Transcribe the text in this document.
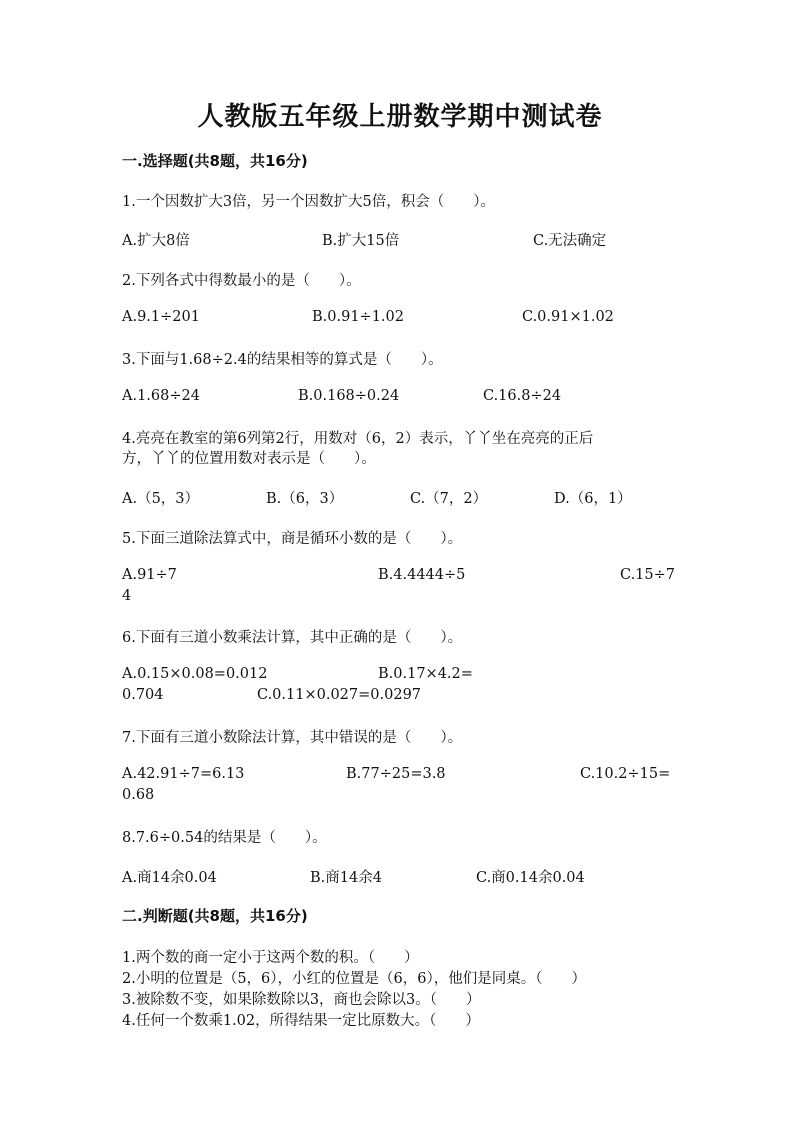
人教版五年级上册数学期中测试卷
一.选择题(共8题，共16分)
1.一个因数扩大3倍，另一个因数扩大5倍，积会（　　）。
A.扩大8倍	B.扩大15倍	C.无法确定
2.下列各式中得数最小的是（　　）。
A.9.1÷201	B.0.91÷1.02	C.0.91×1.02
3.下面与1.68÷2.4的结果相等的算式是（　　）。
A.1.68÷24	B.0.168÷0.24	C.16.8÷24
4.亮亮在教室的第6列第2行，用数对（6，2）表示，丫丫坐在亮亮的正后
方，丫丫的位置用数对表示是（　　）。
A.（5，3）	B.（6，3）	C.（7，2）	D.（6，1）
5.下面三道除法算式中，商是循环小数的是（　　）。
A.91÷7	B.4.4444÷5	C.15÷7
4
6.下面有三道小数乘法计算，其中正确的是（　　）。
A.0.15×0.08=0.012	B.0.17×4.2=
0.704	C.0.11×0.027=0.0297
7.下面有三道小数除法计算，其中错误的是（　　）。
A.42.91÷7=6.13	B.77÷25=3.8	C.10.2÷15=
0.68
8.7.6÷0.54的结果是（　　）。
A.商14余0.04	B.商14余4	C.商0.14余0.04
二.判断题(共8题，共16分)
1.两个数的商一定小于这两个数的积。（　　）
2.小明的位置是（5，6），小红的位置是（6，6），他们是同桌。（　　）
3.被除数不变，如果除数除以3，商也会除以3。（　　）
4.任何一个数乘1.02，所得结果一定比原数大。（　　）
